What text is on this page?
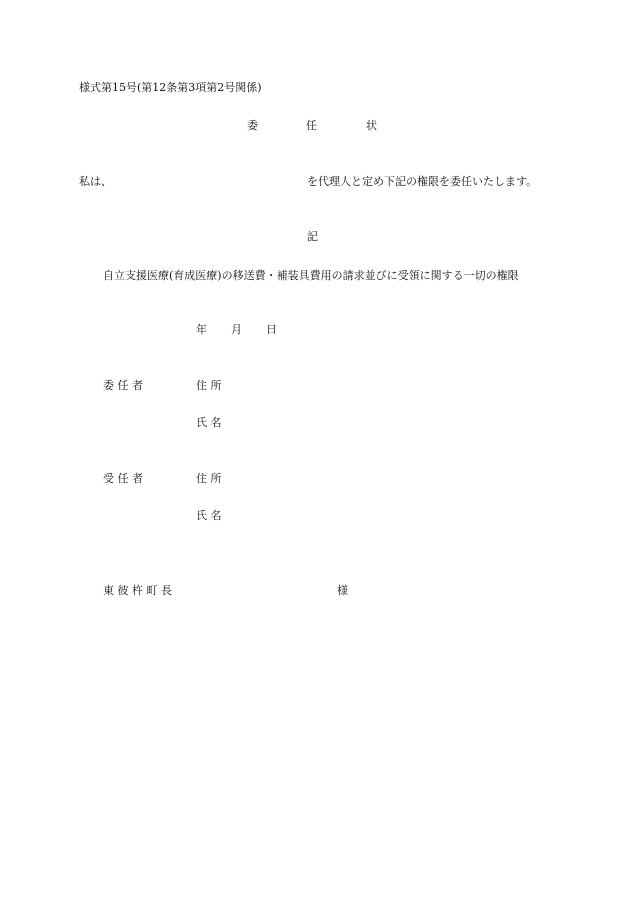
様式第15号(第12条第3項第2号関係)
委	任	状
私は、	を代理人と定め下記の権限を委任いたします。
記
自立支援医療(育成医療)の移送費・補装具費用の請求並びに受領に関する一切の権限
年 月 日
委 任 者	住 所
氏 名
受 任 者	住 所
氏 名
東 彼 杵 町 長	様
